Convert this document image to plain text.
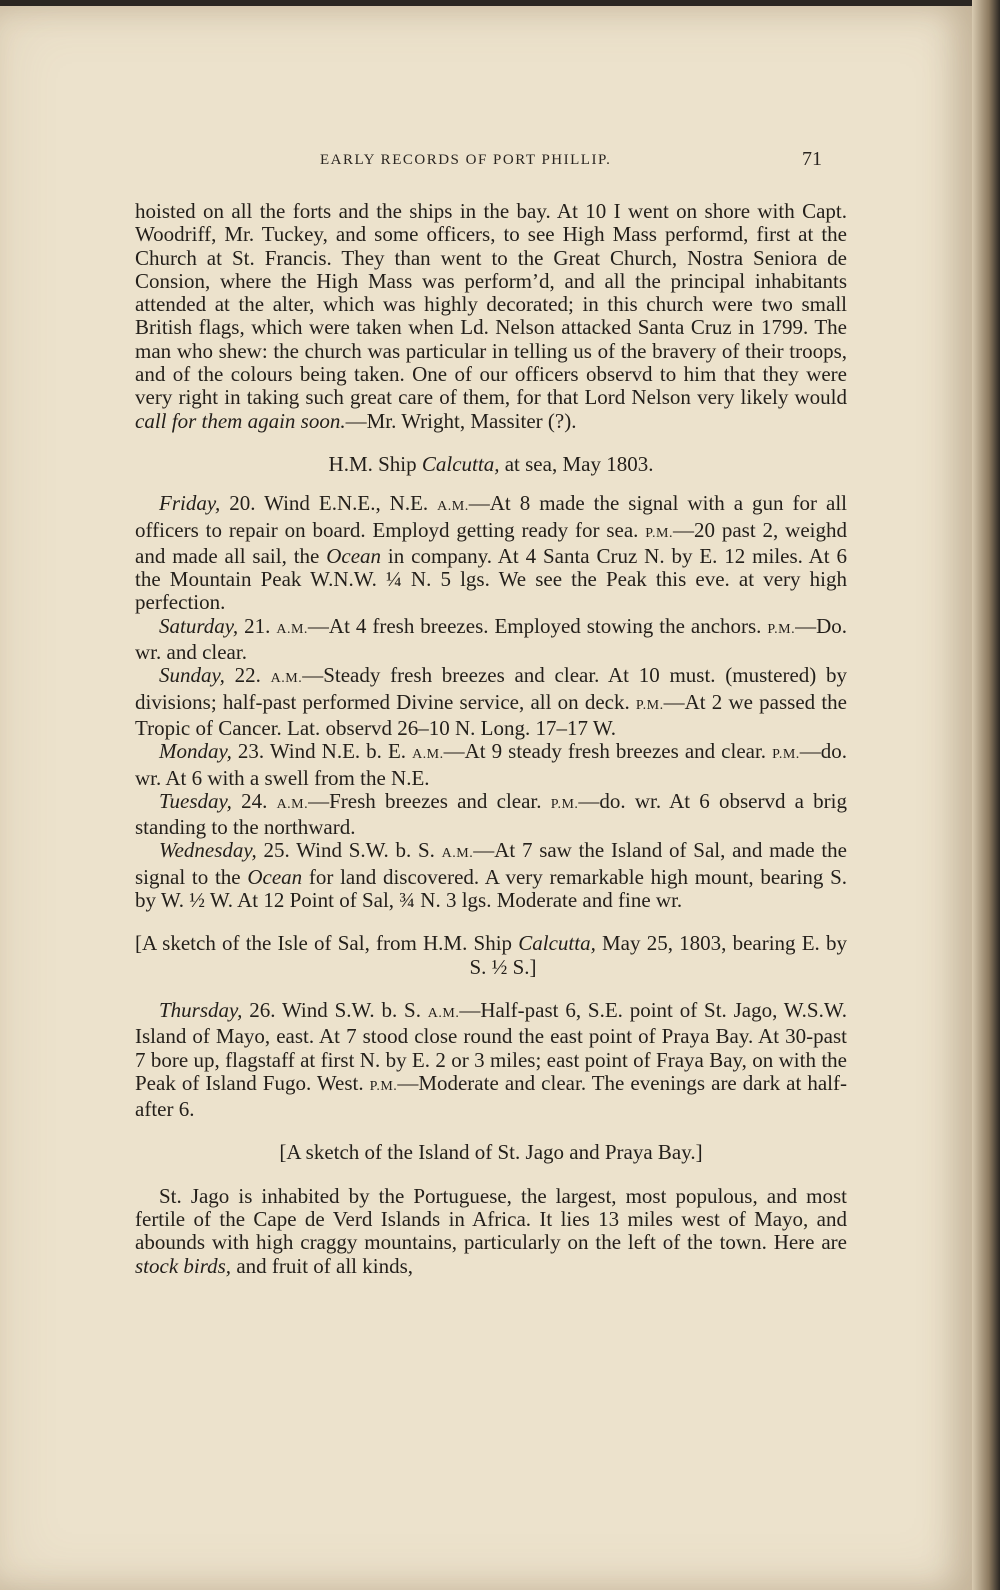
EARLY RECORDS OF PORT PHILLIP.	71

hoisted on all the forts and the ships in the bay. At 10 I went on shore with Capt. Woodriff, Mr. Tuckey, and some officers, to see High Mass performd, first at the Church at St. Francis. They than went to the Great Church, Nostra Seniora de Consion, where the High Mass was perform’d, and all the principal inhabitants attended at the alter, which was highly decorated; in this church were two small British flags, which were taken when Ld. Nelson attacked Santa Cruz in 1799. The man who shew: the church was particular in telling us of the bravery of their troops, and of the colours being taken. One of our officers observd to him that they were very right in taking such great care of them, for that Lord Nelson very likely would call for them again soon.—Mr. Wright, Massiter (?).

H.M. Ship Calcutta, at sea, May 1803.

Friday, 20. Wind E.N.E., N.E. A.M.—At 8 made the signal with a gun for all officers to repair on board. Employd getting ready for sea. P.M.—20 past 2, weighd and made all sail, the Ocean in company. At 4 Santa Cruz N. by E. 12 miles. At 6 the Mountain Peak W.N.W. ¼ N. 5 lgs. We see the Peak this eve. at very high perfection.

Saturday, 21. A.M.—At 4 fresh breezes. Employed stowing the anchors. P.M.—Do. wr. and clear.

Sunday, 22. A.M.—Steady fresh breezes and clear. At 10 must. (mustered) by divisions; half-past performed Divine service, all on deck. P.M.—At 2 we passed the Tropic of Cancer. Lat. observd 26–10 N. Long. 17–17 W.

Monday, 23. Wind N.E. b. E. A.M.—At 9 steady fresh breezes and clear. P.M.—do. wr. At 6 with a swell from the N.E.

Tuesday, 24. A.M.—Fresh breezes and clear. P.M.—do. wr. At 6 observd a brig standing to the northward.

Wednesday, 25. Wind S.W. b. S. A.M.—At 7 saw the Island of Sal, and made the signal to the Ocean for land discovered. A very remarkable high mount, bearing S. by W. ½ W. At 12 Point of Sal, ¾ N. 3 lgs. Moderate and fine wr.

[A sketch of the Isle of Sal, from H.M. Ship Calcutta, May 25, 1803, bearing E. by S. ½ S.]

Thursday, 26. Wind S.W. b. S. A.M.—Half-past 6, S.E. point of St. Jago, W.S.W. Island of Mayo, east. At 7 stood close round the east point of Praya Bay. At 30-past 7 bore up, flagstaff at first N. by E. 2 or 3 miles; east point of Fraya Bay, on with the Peak of Island Fugo. West. P.M.—Moderate and clear. The evenings are dark at half-after 6.

[A sketch of the Island of St. Jago and Praya Bay.]

St. Jago is inhabited by the Portuguese, the largest, most populous, and most fertile of the Cape de Verd Islands in Africa. It lies 13 miles west of Mayo, and abounds with high craggy mountains, particularly on the left of the town. Here are stock birds, and fruit of all kinds,
